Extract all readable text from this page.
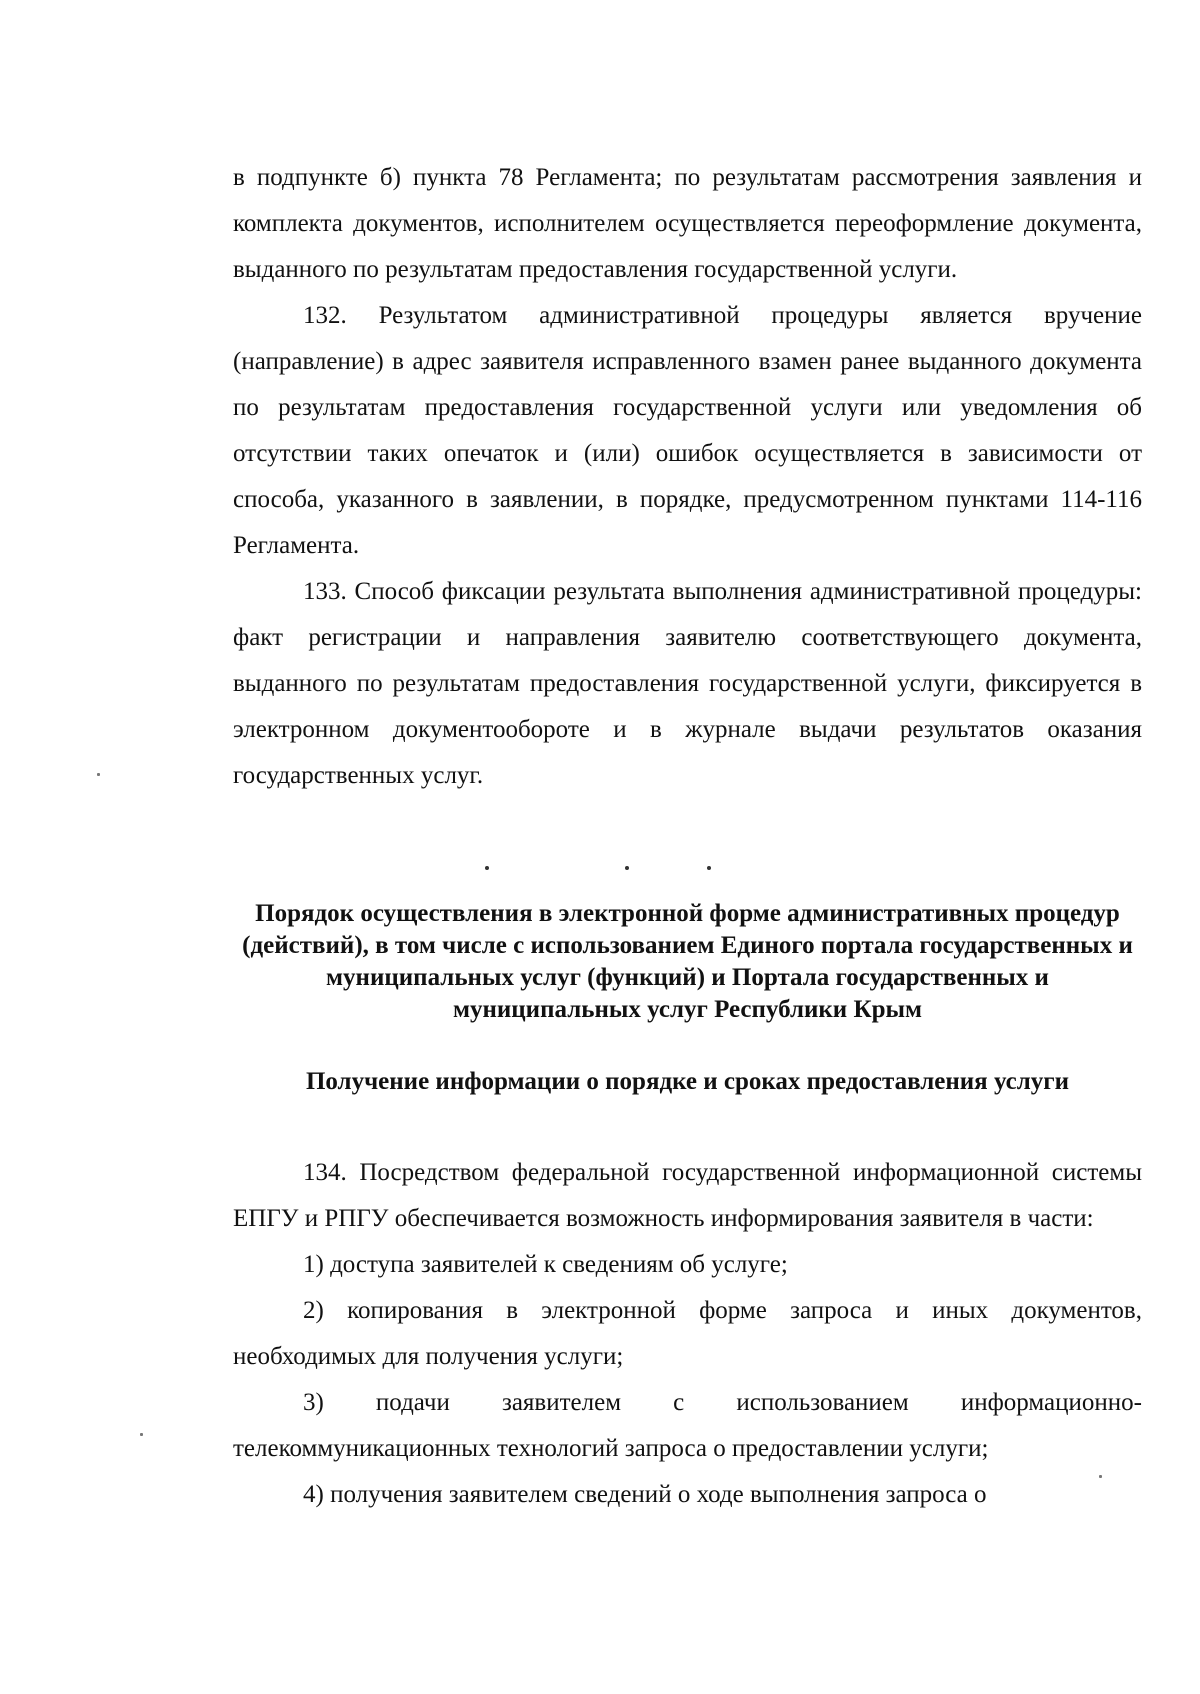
в подпункте б) пункта 78 Регламента; по результатам рассмотрения заявления и комплекта документов, исполнителем осуществляется переоформление документа, выданного по результатам предоставления государственной услуги.

132. Результатом административной процедуры является вручение (направление) в адрес заявителя исправленного взамен ранее выданного документа по результатам предоставления государственной услуги или уведомления об отсутствии таких опечаток и (или) ошибок осуществляется в зависимости от способа, указанного в заявлении, в порядке, предусмотренном пунктами 114-116 Регламента.

133. Способ фиксации результата выполнения административной процедуры: факт регистрации и направления заявителю соответствующего документа, выданного по результатам предоставления государственной услуги, фиксируется в электронном документообороте и в журнале выдачи результатов оказания государственных услуг.

Порядок осуществления в электронной форме административных процедур (действий), в том числе с использованием Единого портала государственных и муниципальных услуг (функций) и Портала государственных и муниципальных услуг Республики Крым
Получение информации о порядке и сроках предоставления услуги

134. Посредством федеральной государственной информационной системы ЕПГУ и РПГУ обеспечивается возможность информирования заявителя в части:

1) доступа заявителей к сведениям об услуге;

2) копирования в электронной форме запроса и иных документов, необходимых для получения услуги;

3) подачи заявителем с использованием информационно-телекоммуникационных технологий запроса о предоставлении услуги;

4) получения заявителем сведений о ходе выполнения запроса о
